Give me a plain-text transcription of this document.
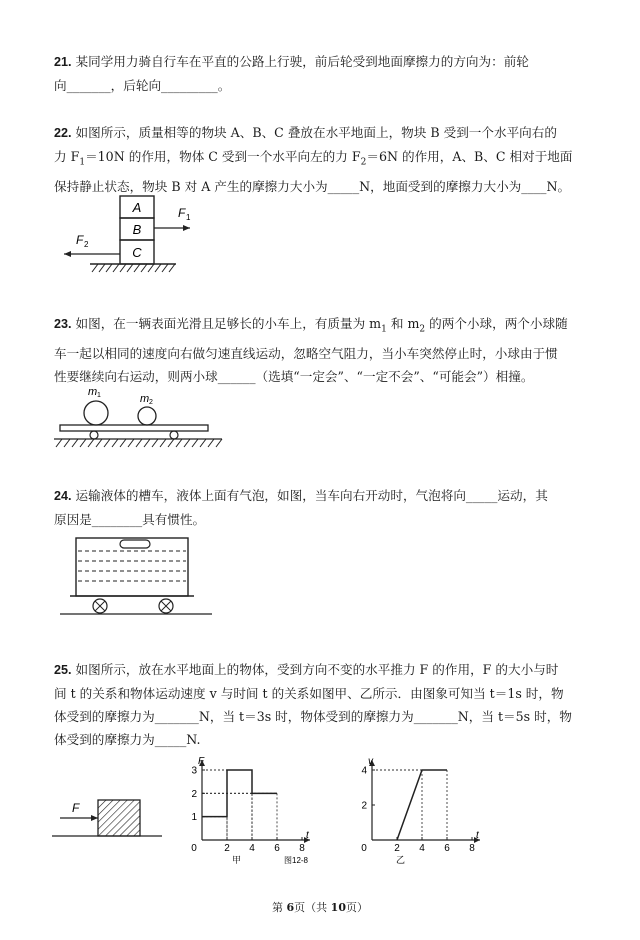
21. 某同学用力骑自行车在平直的公路上行驶，前后轮受到地面摩擦力的方向为：前轮
向_______，后轮向_________。
22. 如图所示，质量相等的物块 A、B、C 叠放在水平地面上，物块 B 受到一个水平向右的
力 $F_1=10N$ 的作用，物体 C 受到一个水平向左的力 $F_2=6N$ 的作用，A、B、C 相对于地面
保持静止状态，物块 B 对 A 产生的摩擦力大小为_____N，地面受到的摩擦力大小为____N。
A
B
C
F 1
F 2
23. 如图，在一辆表面光滑且足够长的小车上，有质量为 $m_1$ 和 $m_2$ 的两个小球，两个小球随
车一起以相同的速度向右做匀速直线运动，忽略空气阻力，当小车突然停止时，小球由于惯
性要继续向右运动，则两小球______（选填“一定会”、“一定不会”、“可能会”）相撞。
m 1	m 2
24. 运输液体的槽车，液体上面有气泡，如图，当车向右开动时，气泡将向_____运动，其
原因是________具有惯性。
25. 如图所示，放在水平地面上的物体，受到方向不变的水平推力 F 的作用，F 的大小与时
间 t 的关系和物体运动速度 v 与时间 t 的关系如图甲、乙所示．由图象可知当 t＝1s 时，物
体受到的摩擦力为_______N，当 t＝3s 时，物体受到的摩擦力为_______N，当 t＝5s 时，物
体受到的摩擦力为_____N.
F
0	2 4 6 8
1
2
3
F
t
甲	图12-8
0	2 4 6 8
2
4
v
t
乙
第 6页（共 10页）
